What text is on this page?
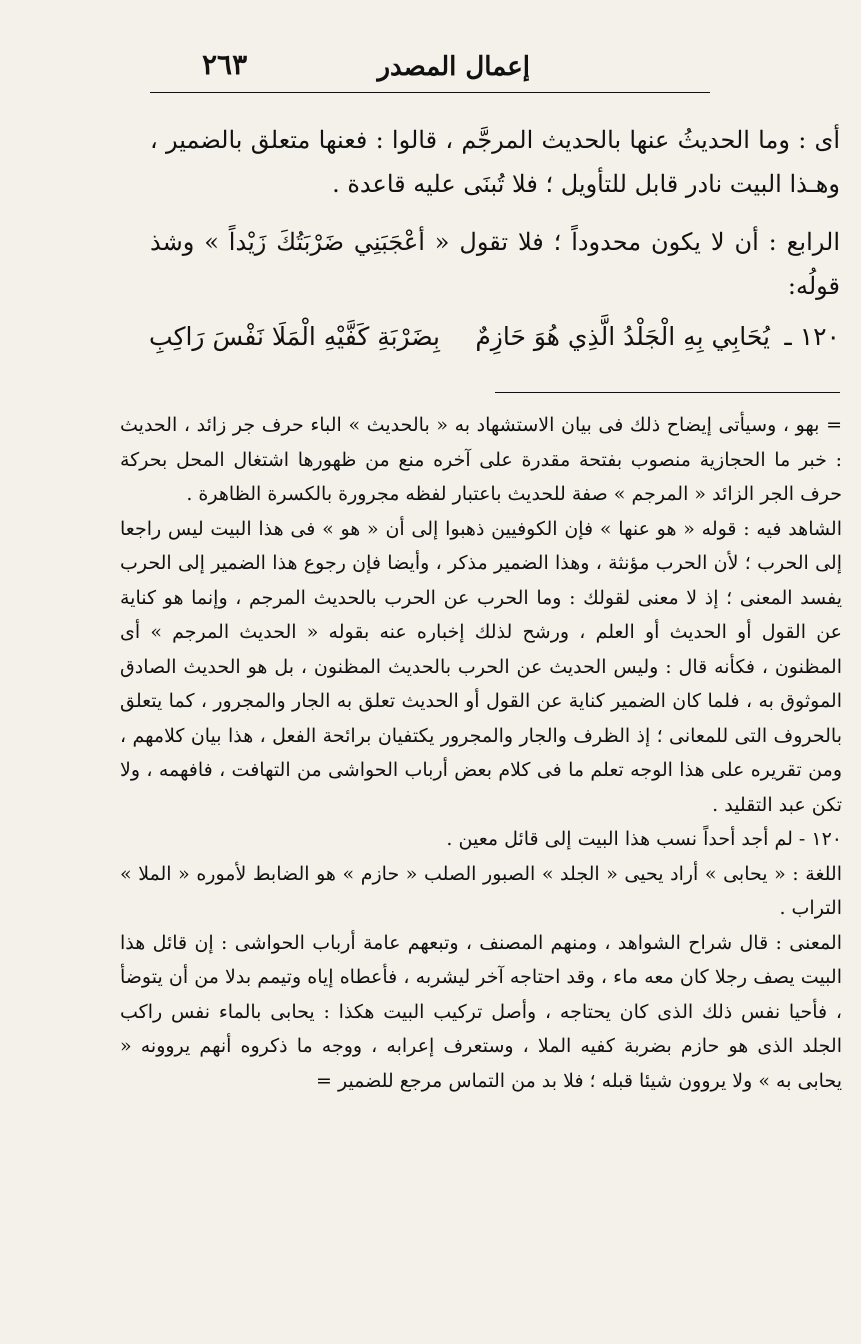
إعمال المصدر
٢٦٣

أى : وما الحديثُ عنها بالحديث المرجَّم ، قالوا : فعنها متعلق بالضمير ، وهـذا البيت نادر قابل للتأويل ؛ فلا تُبنَى عليه قاعدة .

الرابع : أن لا يكون محدوداً ؛ فلا تقول « أعْجَبَنِي ضَرْبَتُكَ زَيْداً » وشذ قولُه:

١٢٠ ـ
يُحَابِي بِهِ الْجَلْدُ الَّذِي هُوَ حَازِمٌ
بِضَرْبَةِ كَفَّيْهِ الْمَلَا نَفْسَ رَاكِبِ

= بهو ، وسيأتى إيضاح ذلك فى بيان الاستشهاد به « بالحديث » الباء حرف جر زائد ، الحديث : خبر ما الحجازية منصوب بفتحة مقدرة على آخره منع من ظهورها اشتغال المحل بحركة حرف الجر الزائد « المرجم » صفة للحديث باعتبار لفظه مجرورة بالكسرة الظاهرة .

الشاهد فيه : قوله « هو عنها » فإن الكوفيين ذهبوا إلى أن « هو » فى هذا البيت ليس راجعا إلى الحرب ؛ لأن الحرب مؤنثة ، وهذا الضمير مذكر ، وأيضا فإن رجوع هذا الضمير إلى الحرب يفسد المعنى ؛ إذ لا معنى لقولك : وما الحرب عن الحرب بالحديث المرجم ، وإنما هو كناية عن القول أو الحديث أو العلم ، ورشح لذلك إخباره عنه بقوله « الحديث المرجم » أى المظنون ، فكأنه قال : وليس الحديث عن الحرب بالحديث المظنون ، بل هو الحديث الصادق الموثوق به ، فلما كان الضمير كناية عن القول أو الحديث تعلق به الجار والمجرور ، كما يتعلق بالحروف التى للمعانى ؛ إذ الظرف والجار والمجرور يكتفيان برائحة الفعل ، هذا بيان كلامهم ، ومن تقريره على هذا الوجه تعلم ما فى كلام بعض أرباب الحواشى من التهافت ، فافهمه ، ولا تكن عبد التقليد .

١٢٠ - لم أجد أحداً نسب هذا البيت إلى قائل معين .

اللغة : « يحابى » أراد يحيى « الجلد » الصبور الصلب « حازم » هو الضابط لأموره « الملا » التراب .

المعنى : قال شراح الشواهد ، ومنهم المصنف ، وتبعهم عامة أرباب الحواشى : إن قائل هذا البيت يصف رجلا كان معه ماء ، وقد احتاجه آخر ليشربه ، فأعطاه إياه وتيمم بدلا من أن يتوضأ ، فأحيا نفس ذلك الذى كان يحتاجه ، وأصل تركيب البيت هكذا : يحابى بالماء نفس راكب الجلد الذى هو حازم بضربة كفيه الملا ، وستعرف إعرابه ، ووجه ما ذكروه أنهم يروونه « يحابى به » ولا يروون شيئا قبله ؛ فلا بد من التماس مرجع للضمير =
